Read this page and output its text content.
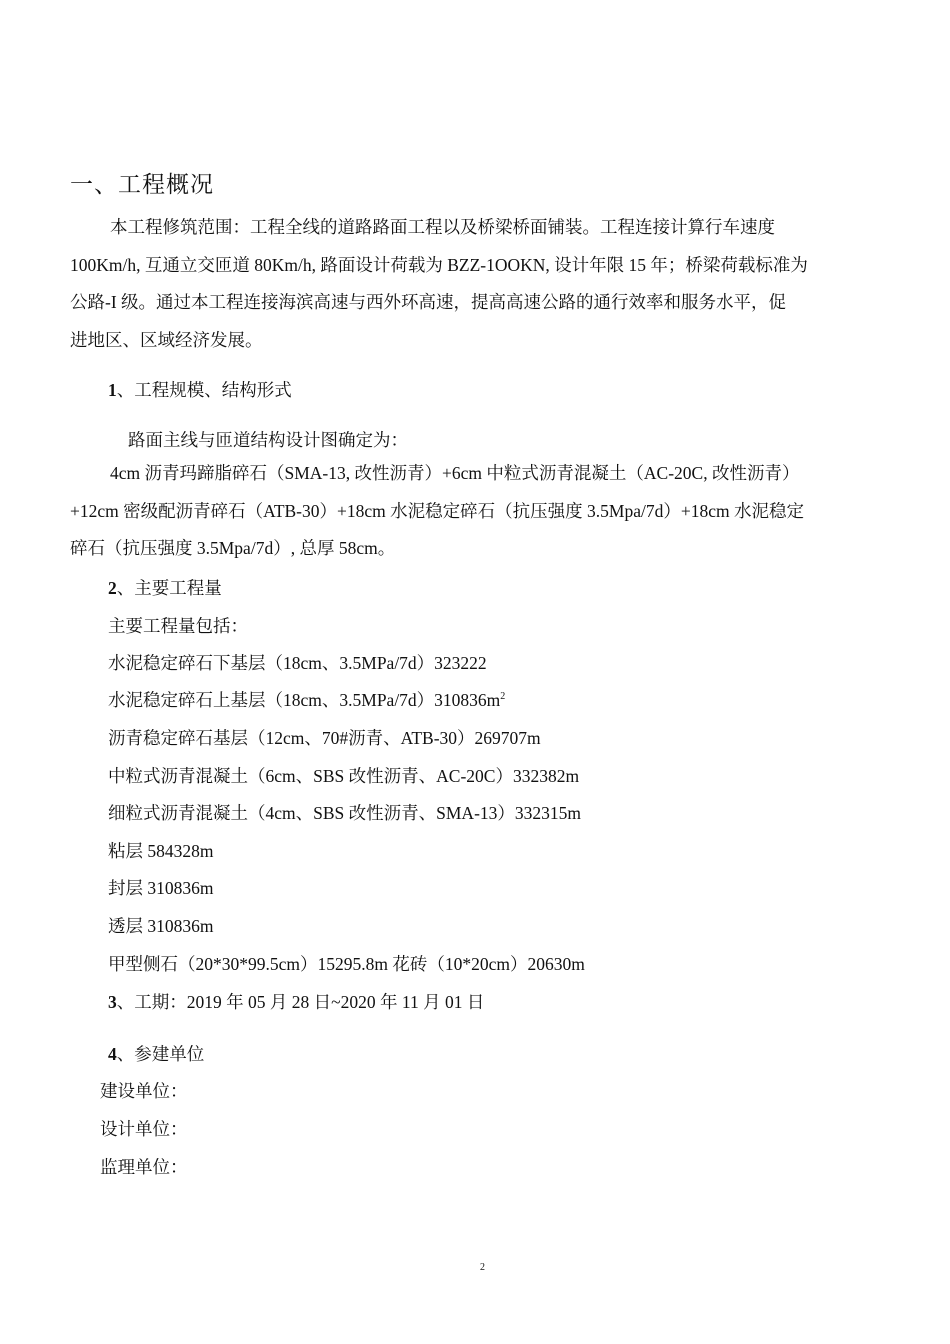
一、工程概况
本工程修筑范围：工程全线的道路路面工程以及桥梁桥面铺装。工程连接计算行车速度
100Km/h, 互通立交匝道 80Km/h, 路面设计荷载为 BZZ-1OOKN, 设计年限 15 年；桥梁荷载标准为
公路-I 级。通过本工程连接海滨高速与西外环高速，提高高速公路的通行效率和服务水平，促
进地区、区域经济发展。
1、工程规模、结构形式
路面主线与匝道结构设计图确定为：
4cm 沥青玛蹄脂碎石（SMA-13, 改性沥青）+6cm 中粒式沥青混凝土（AC-20C, 改性沥青）
+12cm 密级配沥青碎石（ATB-30）+18cm 水泥稳定碎石（抗压强度 3.5Mpa/7d）+18cm 水泥稳定
碎石（抗压强度 3.5Mpa/7d）, 总厚 58cm。
2、主要工程量
主要工程量包括：
水泥稳定碎石下基层（18cm、3.5MPa/7d）323222
水泥稳定碎石上基层（18cm、$3.5MPa/7d)310836m^2$
沥青稳定碎石基层（12cm、70#沥青、ATB-30）269707m
中粒式沥青混凝土（6cm、SBS 改性沥青、AC-20C）332382m
细粒式沥青混凝土（4cm、SBS 改性沥青、SMA-13）332315m
粘层 584328m
封层 310836m
透层 310836m
甲型侧石（20*30*99.5cm）15295.8m 花砖（10*20cm）20630m
3、工期：2019 年 05 月 28 日~2020 年 11 月 01 日
4、参建单位
建设单位：
设计单位：
监理单位：
2
